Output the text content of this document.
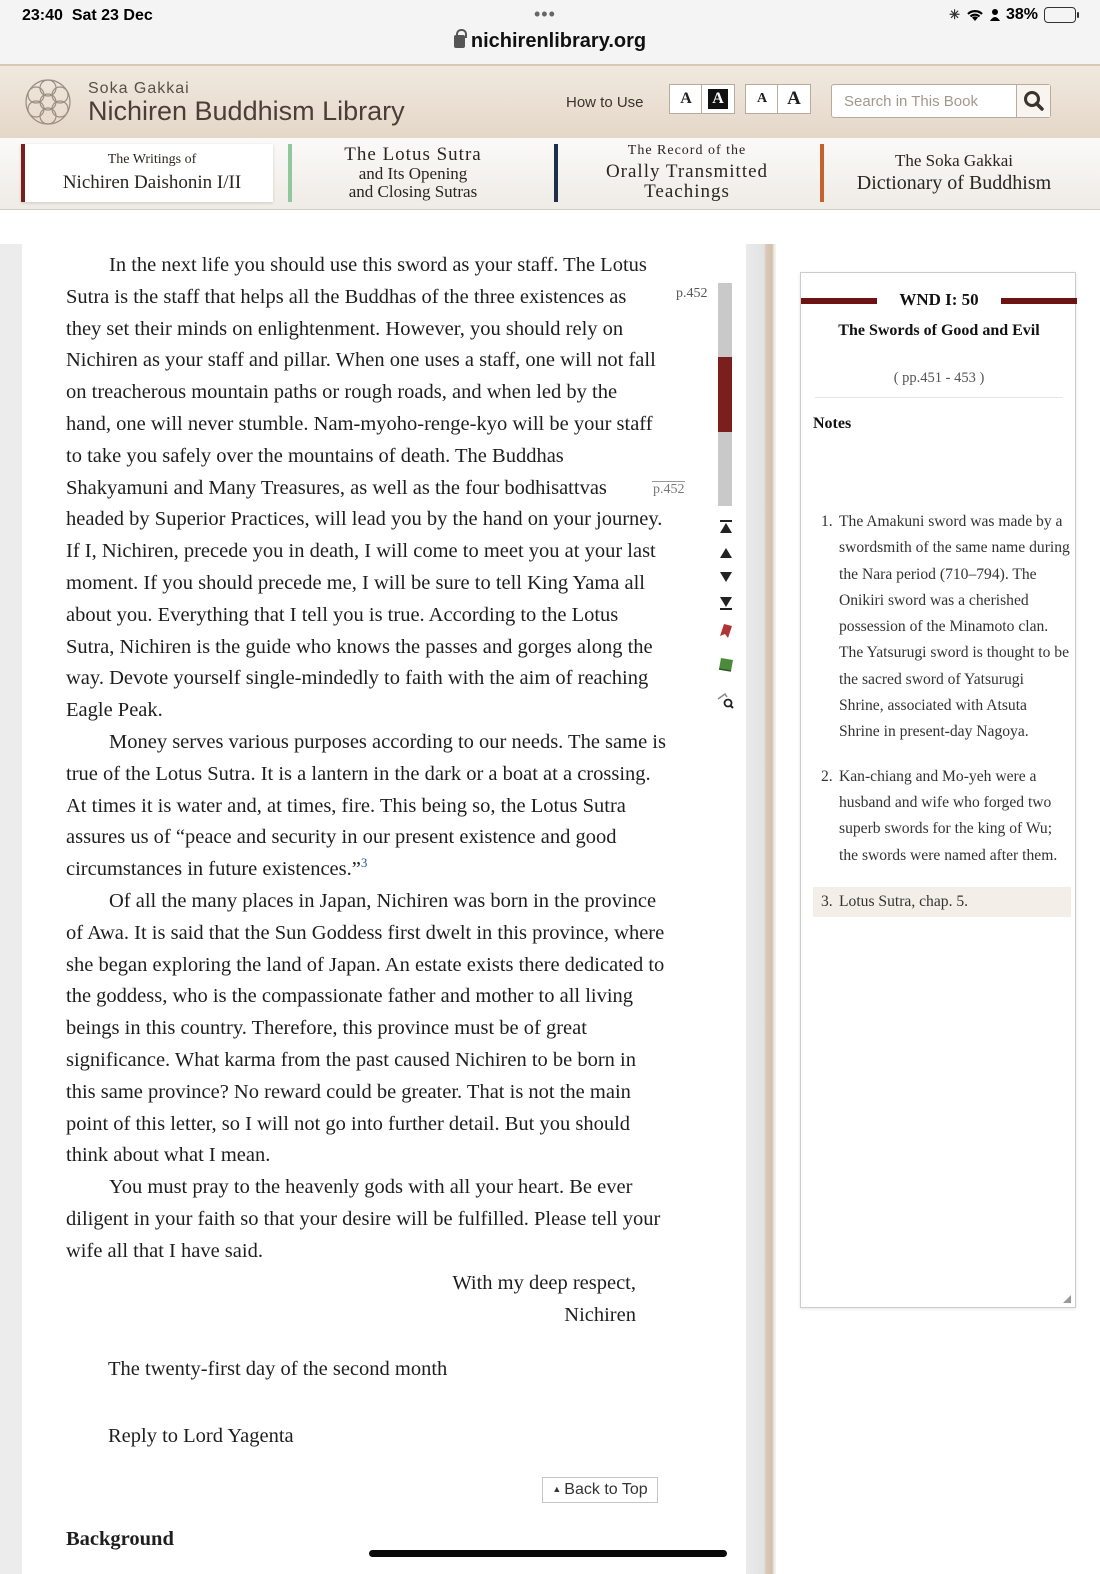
23:40 Sat 23 Dec	•••
nichirenlibrary.org
✳	38%
Soka Gakkai
Nichiren Buddhism Library	How to Use	A	A	A	A
Search in This Book
The Writings of
Nichiren Daishonin I/II
The Lotus Sutra
and Its Opening
and Closing Sutras
The Record of the
Orally Transmitted
Teachings
The Soka Gakkai
Dictionary of Buddhism
In the next life you should use this sword as your staff. The Lotus Sutra is the staff that helps all the Buddhas of the three existences as they set their minds on enlightenment. However, you should rely on Nichiren as your staff and pillar. When one uses a staff, one will not fall on treacherous mountain paths or rough roads, and when led by the hand, one will never stumble. Nam-myoho-renge-kyo will be your staff to take you safely over the mountains of death. The Buddhas Shakyamuni and Many Treasures, as well as the four bodhisattvas headed by Superior Practices, will lead you by the hand on your journey. If I, Nichiren, precede you in death, I will come to meet you at your last moment. If you should precede me, I will be sure to tell King Yama all about you. Everything that I tell you is true. According to the Lotus Sutra, Nichiren is the guide who knows the passes and gorges along the way. Devote yourself single-mindedly to faith with the aim of reaching Eagle Peak.
Money serves various purposes according to our needs. The same is true of the Lotus Sutra. It is a lantern in the dark or a boat at a crossing. At times it is water and, at times, fire. This being so, the Lotus Sutra assures us of “peace and security in our present existence and good circumstances in future existences.”$^3$
Of all the many places in Japan, Nichiren was born in the province of Awa. It is said that the Sun Goddess first dwelt in this province, where she began exploring the land of Japan. An estate exists there dedicated to the goddess, who is the compassionate father and mother to all living beings in this country. Therefore, this province must be of great significance. What karma from the past caused Nichiren to be born in this same province? No reward could be greater. That is not the main point of this letter, so I will not go into further detail. But you should think about what I mean.
You must pray to the heavenly gods with all your heart. Be ever diligent in your faith so that your desire will be fulfilled. Please tell your wife all that I have said.
p.452
p.452
With my deep respect,
Nichiren
The twenty-first day of the second month
Reply to Lord Yagenta
▲ Back to Top
Background
WND I: 50
The Swords of Good and Evil
( pp.451 - 453 )
Notes
1. The Amakuni sword was made by a swordsmith of the same name during the Nara period (710–794). The Onikiri sword was a cherished possession of the Minamoto clan. The Yatsurugi sword is thought to be the sacred sword of Yatsurugi Shrine, associated with Atsuta Shrine in present-day Nagoya.
2. Kan-chiang and Mo-yeh were a husband and wife who forged two superb swords for the king of Wu; the swords were named after them.
3. Lotus Sutra, chap. 5.
